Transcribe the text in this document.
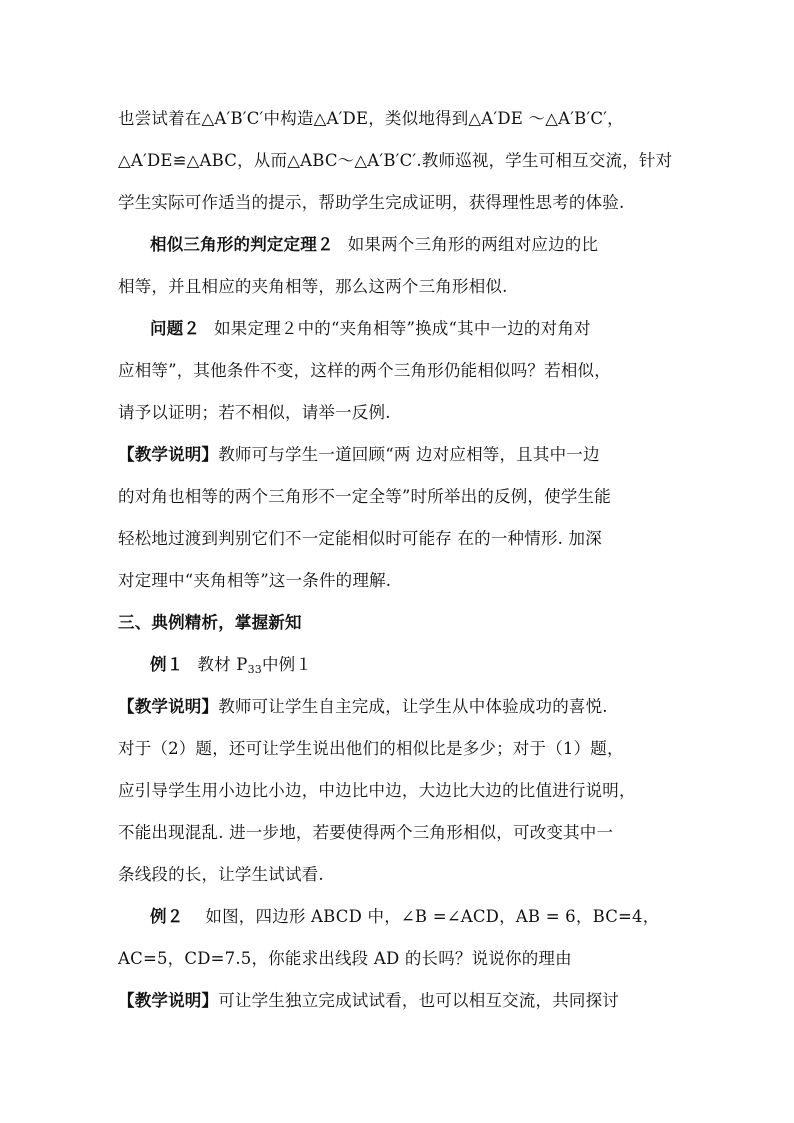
也尝试着在△A′B′C′中构造△A′DE，类似地得到△A′DE ～△A′B′C′，
△A′DE≌△ABC，从而△ABC～△A′B′C′.教师巡视，学生可相互交流，针对
学生实际可作适当的提示，帮助学生完成证明，获得理性思考的体验.
相似三角形的判定定理２ 如果两个三角形的两组对应边的比
相等，并且相应的夹角相等，那么这两个三角形相似.
问题２ 如果定理２中的“夹角相等”换成“其中一边的对角对
应相等”，其他条件不变，这样的两个三角形仍能相似吗？若相似，
请予以证明；若不相似，请举一反例.
【教学说明】教师可与学生一道回顾“两 边对应相等，且其中一边
的对角也相等的两个三角形不一定全等”时所举出的反例，使学生能
轻松地过渡到判别它们不一定能相似时可能存 在的一种情形. 加深
对定理中“夹角相等”这一条件的理解.
三、典例精析，掌握新知
例１ 教材 $P_{33}$中例１
【教学说明】教师可让学生自主完成，让学生从中体验成功的喜悦.
对于（2）题，还可让学生说出他们的相似比是多少；对于（1）题，
应引导学生用小边比小边，中边比中边，大边比大边的比值进行说明，
不能出现混乱. 进一步地，若要使得两个三角形相似，可改变其中一
条线段的长，让学生试试看.
例２ 如图，四边形 ABCD 中，∠B =∠ACD，AB = 6，BC=4，
AC=5，CD=7.5，你能求出线段 AD 的长吗？说说你的理由
【教学说明】可让学生独立完成试试看，也可以相互交流，共同探讨
